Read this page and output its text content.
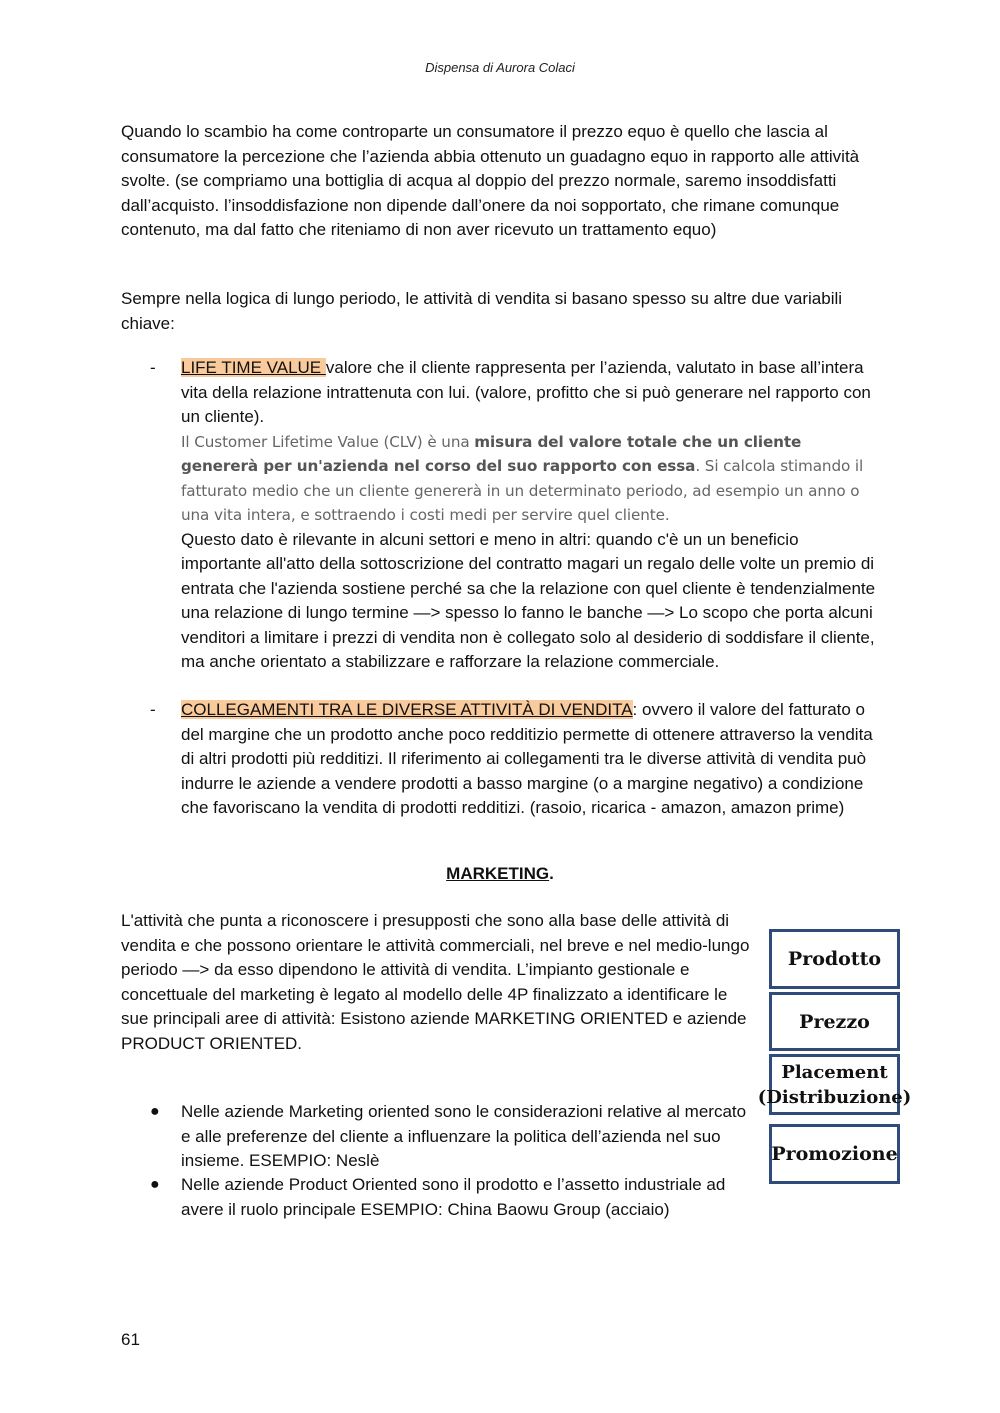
Dispensa di Aurora Colaci

Quando lo scambio ha come controparte un consumatore il prezzo equo è quello che lascia al consumatore la percezione che l’azienda abbia ottenuto un guadagno equo in rapporto alle attività svolte. (se compriamo una bottiglia di acqua al doppio del prezzo normale, saremo insoddisfatti dall’acquisto. l’insoddisfazione non dipende dall’onere da noi sopportato, che rimane comunque contenuto, ma dal fatto che riteniamo di non aver ricevuto un trattamento equo)

Sempre nella logica di lungo periodo, le attività di vendita si basano spesso su altre due variabili chiave:

- LIFE TIME VALUE valore che il cliente rappresenta per l’azienda, valutato in base all’intera vita della relazione intrattenuta con lui. (valore, profitto che si può generare nel rapporto con un cliente).
Il Customer Lifetime Value (CLV) è una misura del valore totale che un cliente genererà per un'azienda nel corso del suo rapporto con essa. Si calcola stimando il fatturato medio che un cliente genererà in un determinato periodo, ad esempio un anno o una vita intera, e sottraendo i costi medi per servire quel cliente.
Questo dato è rilevante in alcuni settori e meno in altri: quando c'è un un beneficio importante all'atto della sottoscrizione del contratto magari un regalo delle volte un premio di entrata che l'azienda sostiene perché sa che la relazione con quel cliente è tendenzialmente una relazione di lungo termine —> spesso lo fanno le banche —> Lo scopo che porta alcuni venditori a limitare i prezzi di vendita non è collegato solo al desiderio di soddisfare il cliente, ma anche orientato a stabilizzare e rafforzare la relazione commerciale.
- COLLEGAMENTI TRA LE DIVERSE ATTIVITÀ DI VENDITA: ovvero il valore del fatturato o del margine che un prodotto anche poco redditizio permette di ottenere attraverso la vendita di altri prodotti più redditizi. Il riferimento ai collegamenti tra le diverse attività di vendita può indurre le aziende a vendere prodotti a basso margine (o a margine negativo) a condizione che favoriscano la vendita di prodotti redditizi. (rasoio, ricarica - amazon, amazon prime)
MARKETING.

L'attività che punta a riconoscere i presupposti che sono alla base delle attività di vendita e che possono orientare le attività commerciali, nel breve e nel medio-lungo periodo —> da esso dipendono le attività di vendita. L’impianto gestionale e concettuale del marketing è legato al modello delle 4P finalizzato a identificare le sue principali aree di attività: Esistono aziende MARKETING ORIENTED e aziende PRODUCT ORIENTED.

● Nelle aziende Marketing oriented sono le considerazioni relative al mercato e alle preferenze del cliente a influenzare la politica dell’azienda nel suo insieme. ESEMPIO: Neslè

● Nelle aziende Product Oriented sono il prodotto e l’assetto industriale ad avere il ruolo principale ESEMPIO: China Baowu Group (acciaio)

Prodotto
Prezzo
Placement
(Distribuzione)
Promozione
61
